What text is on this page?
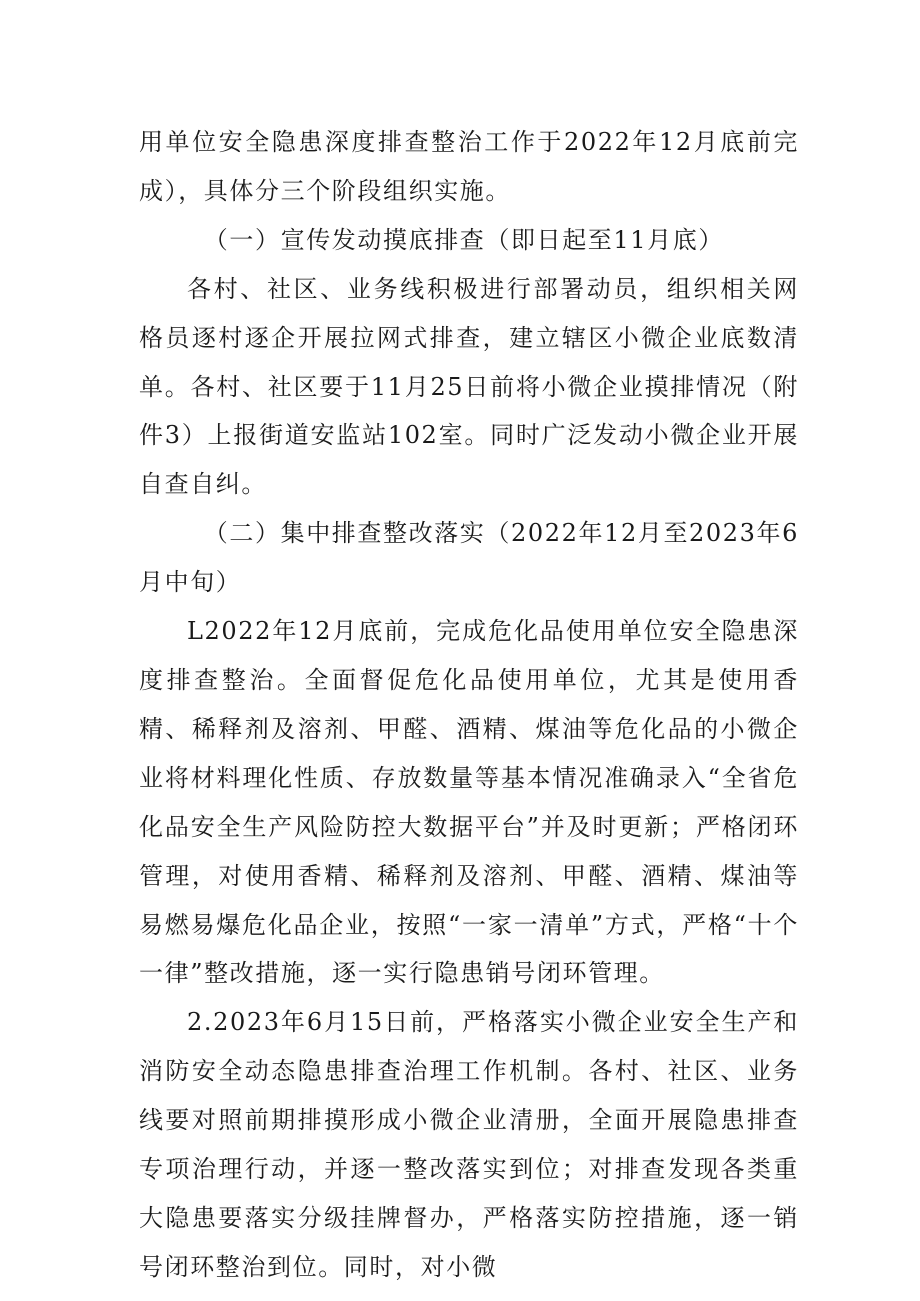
用单位安全隐患深度排查整治工作于2022年12月底前完成），具体分三个阶段组织实施。

（一）宣传发动摸底排查（即日起至11月底）

各村、社区、业务线积极进行部署动员，组织相关网格员逐村逐企开展拉网式排查，建立辖区小微企业底数清单。各村、社区要于11月25日前将小微企业摸排情况（附件3）上报街道安监站102室。同时广泛发动小微企业开展自查自纠。

（二）集中排查整改落实（2022年12月至2023年6月中旬）

L2022年12月底前，完成危化品使用单位安全隐患深度排查整治。全面督促危化品使用单位，尤其是使用香精、稀释剂及溶剂、甲醛、酒精、煤油等危化品的小微企业将材料理化性质、存放数量等基本情况准确录入“全省危化品安全生产风险防控大数据平台”并及时更新；严格闭环管理，对使用香精、稀释剂及溶剂、甲醛、酒精、煤油等易燃易爆危化品企业，按照“一家一清单”方式，严格“十个一律”整改措施，逐一实行隐患销号闭环管理。

2.2023年6月15日前，严格落实小微企业安全生产和消防安全动态隐患排查治理工作机制。各村、社区、业务线要对照前期排摸形成小微企业清册，全面开展隐患排查专项治理行动，并逐一整改落实到位；对排查发现各类重大隐患要落实分级挂牌督办，严格落实防控措施，逐一销号闭环整治到位。同时，对小微
